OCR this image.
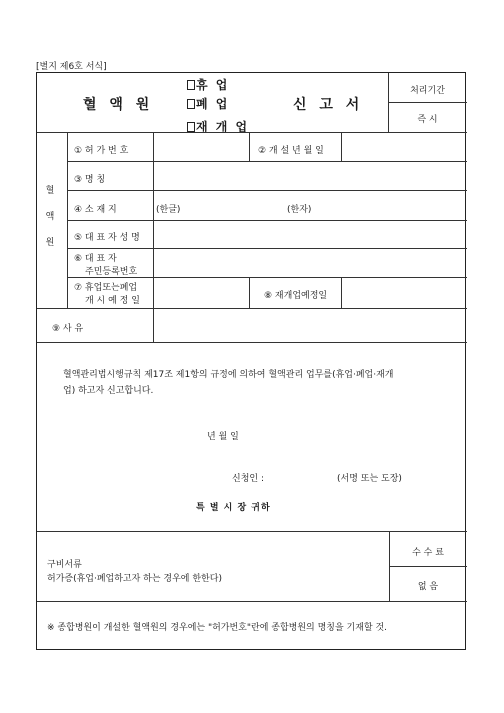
[별지 제6호 서식]
혈 액 원
휴 업
폐 업
재 개 업
신 고 서
처리기간
즉 시
혈
액
원
① 허 가 번 호	② 개 설 년 월 일
③ 명 칭
④ 소 재 지	(한글)	(한자)
⑤ 대 표 자 성 명
⑥ 대 표 자
주민등록번호
⑦ 휴업또는폐업
개 시 예 정 일	⑧ 재개업예정일
⑨ 사 유
혈액관리법시행규칙 제17조 제1항의 규정에 의하여 혈액관리 업무를(휴업·폐업·재개
업) 하고자 신고합니다.
년 월 일
신청인 :	(서명 또는 도장)
특 별 시 장 귀하
구비서류
허가증(휴업·폐업하고자 하는 경우에 한한다)
수 수 료
없 음
※ 종합병원이 개설한 혈액원의 경우에는 "허가번호"란에 종합병원의 명칭을 기재할 것.
